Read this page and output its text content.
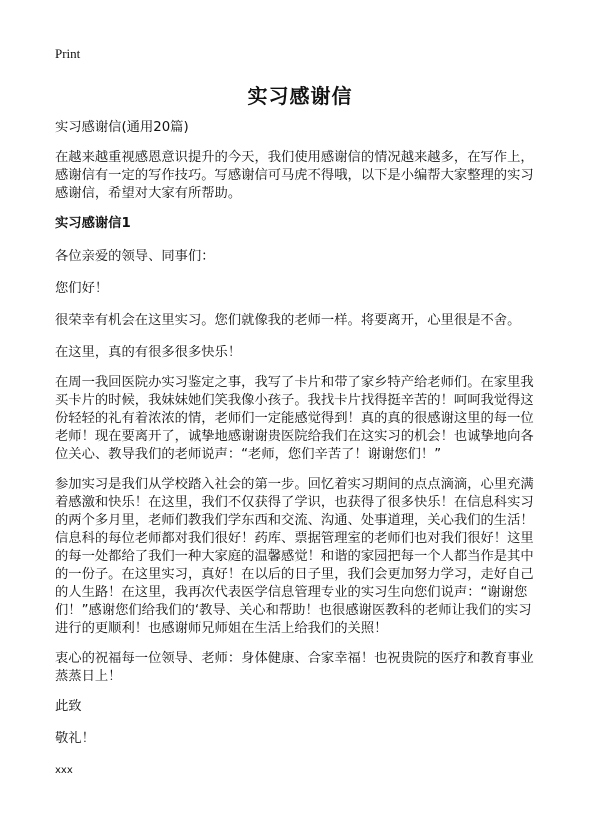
Print
实习感谢信

实习感谢信(通用20篇)

在越来越重视感恩意识提升的今天，我们使用感谢信的情况越来越多，在写作上，
感谢信有一定的写作技巧。写感谢信可马虎不得哦，以下是小编帮大家整理的实习
感谢信，希望对大家有所帮助。

实习感谢信1

各位亲爱的领导、同事们：

您们好！

很荣幸有机会在这里实习。您们就像我的老师一样。将要离开，心里很是不舍。

在这里，真的有很多很多快乐！

在周一我回医院办实习鉴定之事，我写了卡片和带了家乡特产给老师们。在家里我
买卡片的时候，我妹妹她们笑我像小孩子。我找卡片找得挺辛苦的！呵呵我觉得这
份轻轻的礼有着浓浓的情，老师们一定能感觉得到！真的真的很感谢这里的每一位
老师！现在要离开了，诚挚地感谢谢贵医院给我们在这实习的机会！也诚挚地向各
位关心、教导我们的老师说声：“老师，您们辛苦了！谢谢您们！”

参加实习是我们从学校踏入社会的第一步。回忆着实习期间的点点滴滴，心里充满
着感激和快乐！在这里，我们不仅获得了学识，也获得了很多快乐！在信息科实习
的两个多月里，老师们教我们学东西和交流、沟通、处事道理，关心我们的生活！
信息科的每位老师都对我们很好！药库、票据管理室的老师们也对我们很好！这里
的每一处都给了我们一种大家庭的温馨感觉！和谐的家园把每一个人都当作是其中
的一份子。在这里实习，真好！在以后的日子里，我们会更加努力学习，走好自己
的人生路！在这里，我再次代表医学信息管理专业的实习生向您们说声：“谢谢您
们！”感谢您们给我们的‘教导、关心和帮助！也很感谢医教科的老师让我们的实习
进行的更顺利！也感谢师兄师姐在生活上给我们的关照！

衷心的祝福每一位领导、老师：身体健康、合家幸福！也祝贵院的医疗和教育事业
蒸蒸日上！

此致

敬礼！

xxx
